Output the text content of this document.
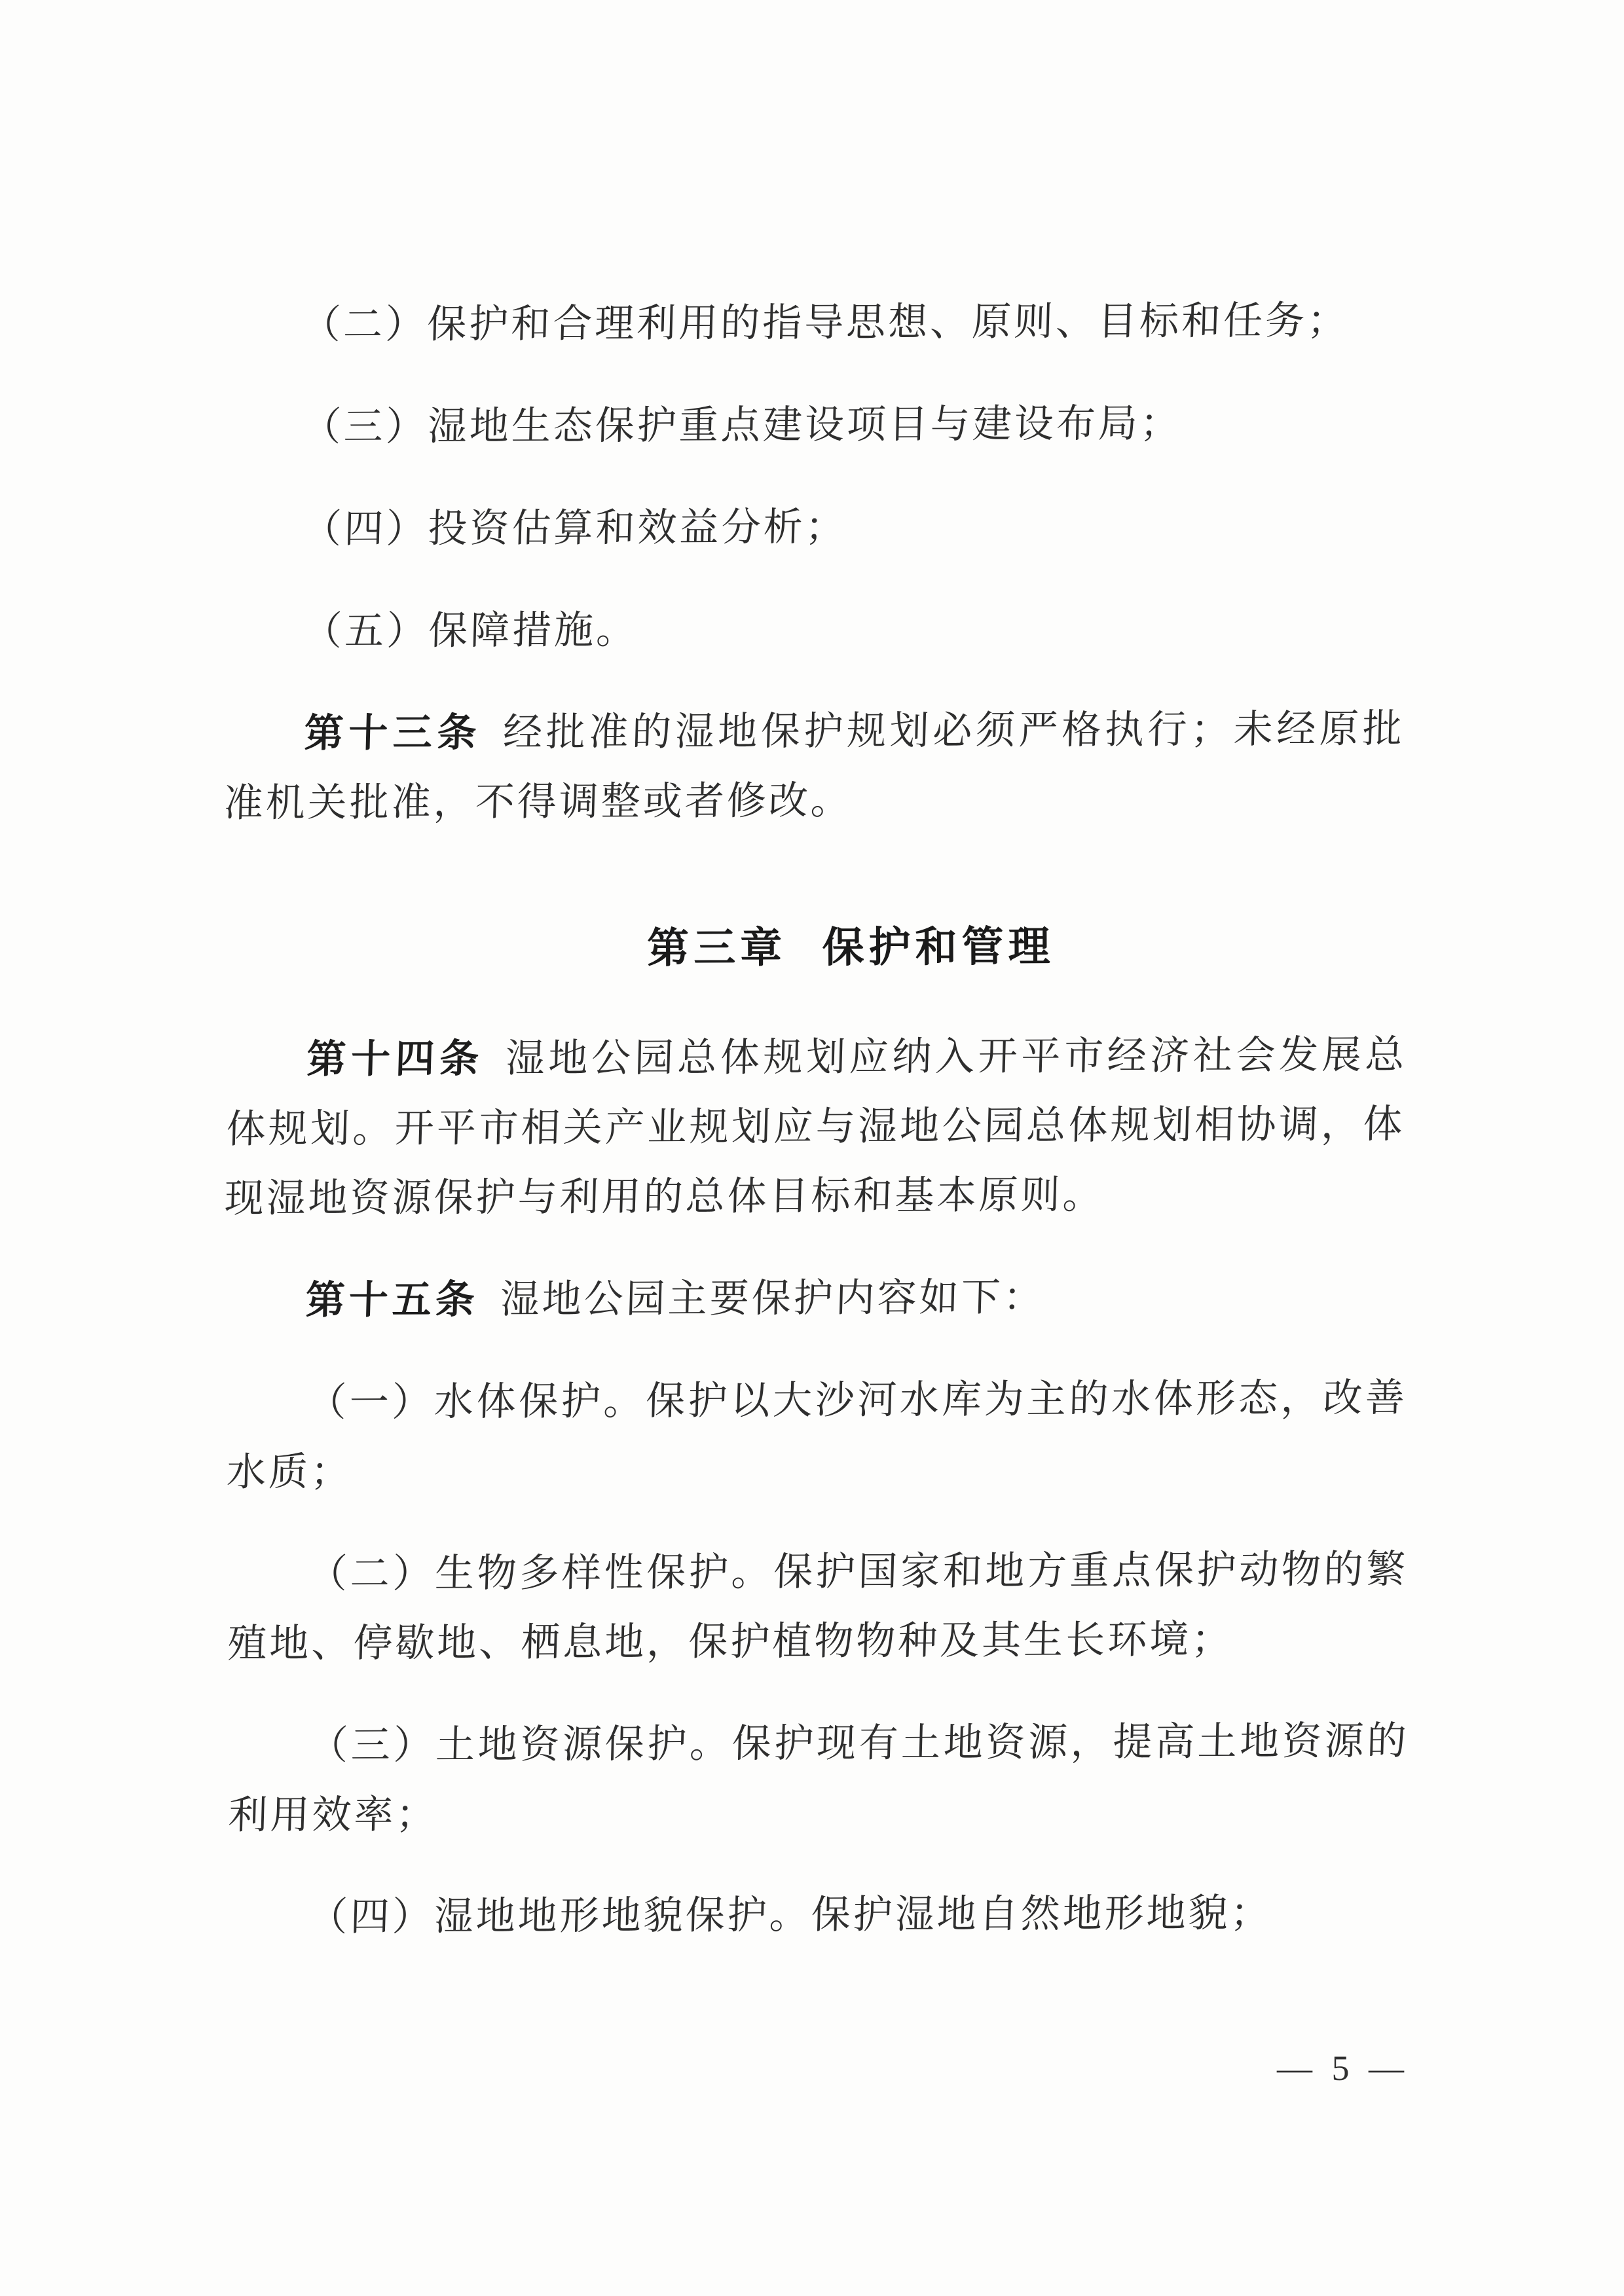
（二）保护和合理利用的指导思想、原则、目标和任务；

（三）湿地生态保护重点建设项目与建设布局；

（四）投资估算和效益分析；

（五）保障措施。

第十三条 经批准的湿地保护规划必须严格执行；未经原批准机关批准，不得调整或者修改。

第三章 保护和管理

第十四条 湿地公园总体规划应纳入开平市经济社会发展总体规划。开平市相关产业规划应与湿地公园总体规划相协调，体现湿地资源保护与利用的总体目标和基本原则。

第十五条 湿地公园主要保护内容如下：

（一）水体保护。保护以大沙河水库为主的水体形态，改善水质；

（二）生物多样性保护。保护国家和地方重点保护动物的繁殖地、停歇地、栖息地，保护植物物种及其生长环境；

（三）土地资源保护。保护现有土地资源，提高土地资源的利用效率；

（四）湿地地形地貌保护。保护湿地自然地形地貌；

— 5 —
